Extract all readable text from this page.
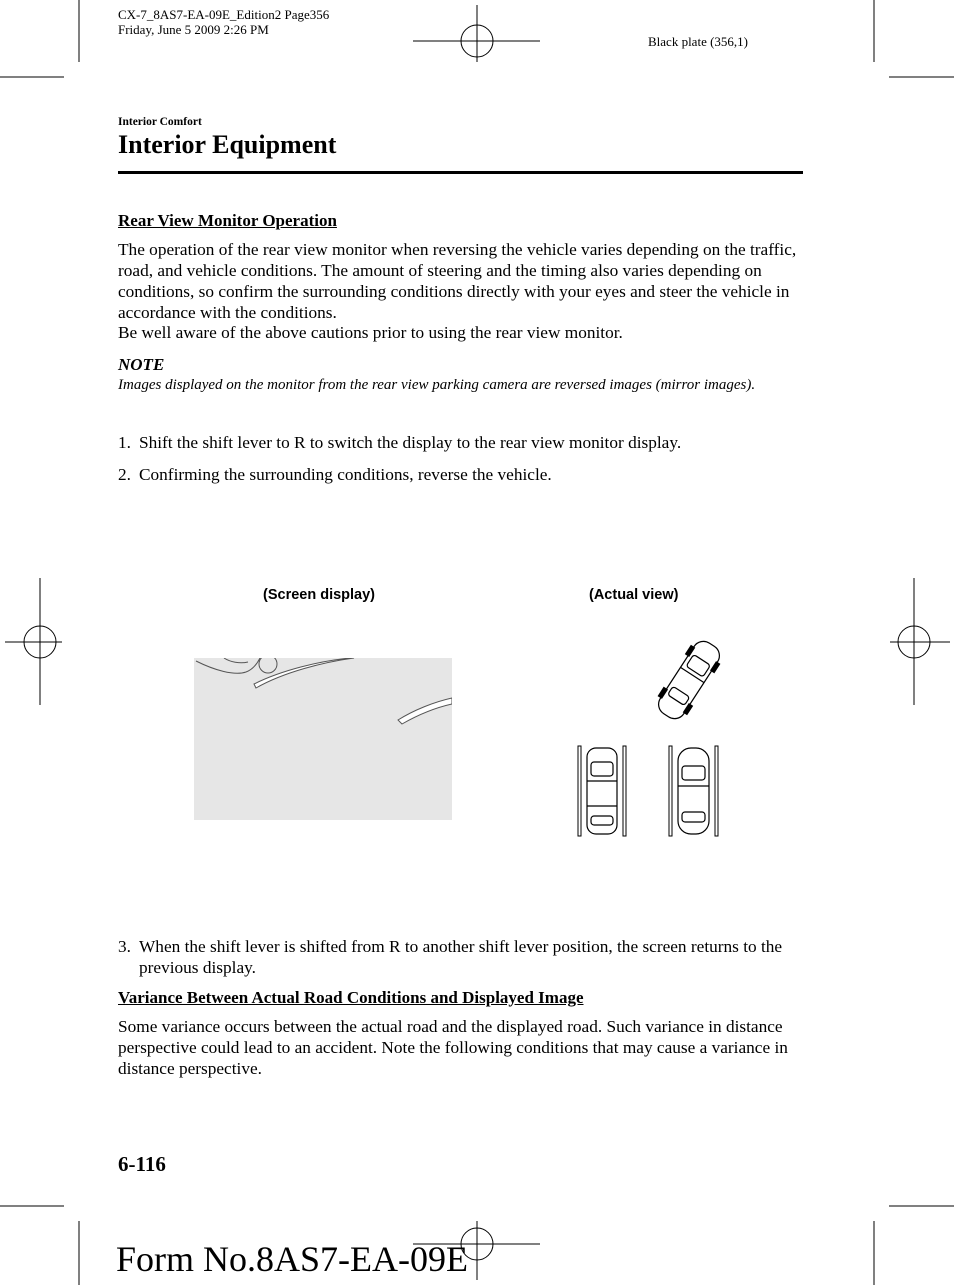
CX-7_8AS7-EA-09E_Edition2 Page356
Friday, June 5 2009 2:26 PM
Black plate (356,1)
Interior Comfort
Interior Equipment
Rear View Monitor Operation
The operation of the rear view monitor when reversing the vehicle varies depending on the traffic, road, and vehicle conditions. The amount of steering and the timing also varies depending on conditions, so confirm the surrounding conditions directly with your eyes and steer the vehicle in accordance with the conditions.
Be well aware of the above cautions prior to using the rear view monitor.
NOTE
Images displayed on the monitor from the rear view parking camera are reversed images (mirror images).
1. Shift the shift lever to R to switch the display to the rear view monitor display.
2. Confirming the surrounding conditions, reverse the vehicle.
(Screen display)	(Actual view)
3. When the shift lever is shifted from R to another shift lever position, the screen returns to the previous display.
Variance Between Actual Road Conditions and Displayed Image
Some variance occurs between the actual road and the displayed road. Such variance in distance perspective could lead to an accident. Note the following conditions that may cause a variance in distance perspective.
6-116
Form No.8AS7-EA-09E
